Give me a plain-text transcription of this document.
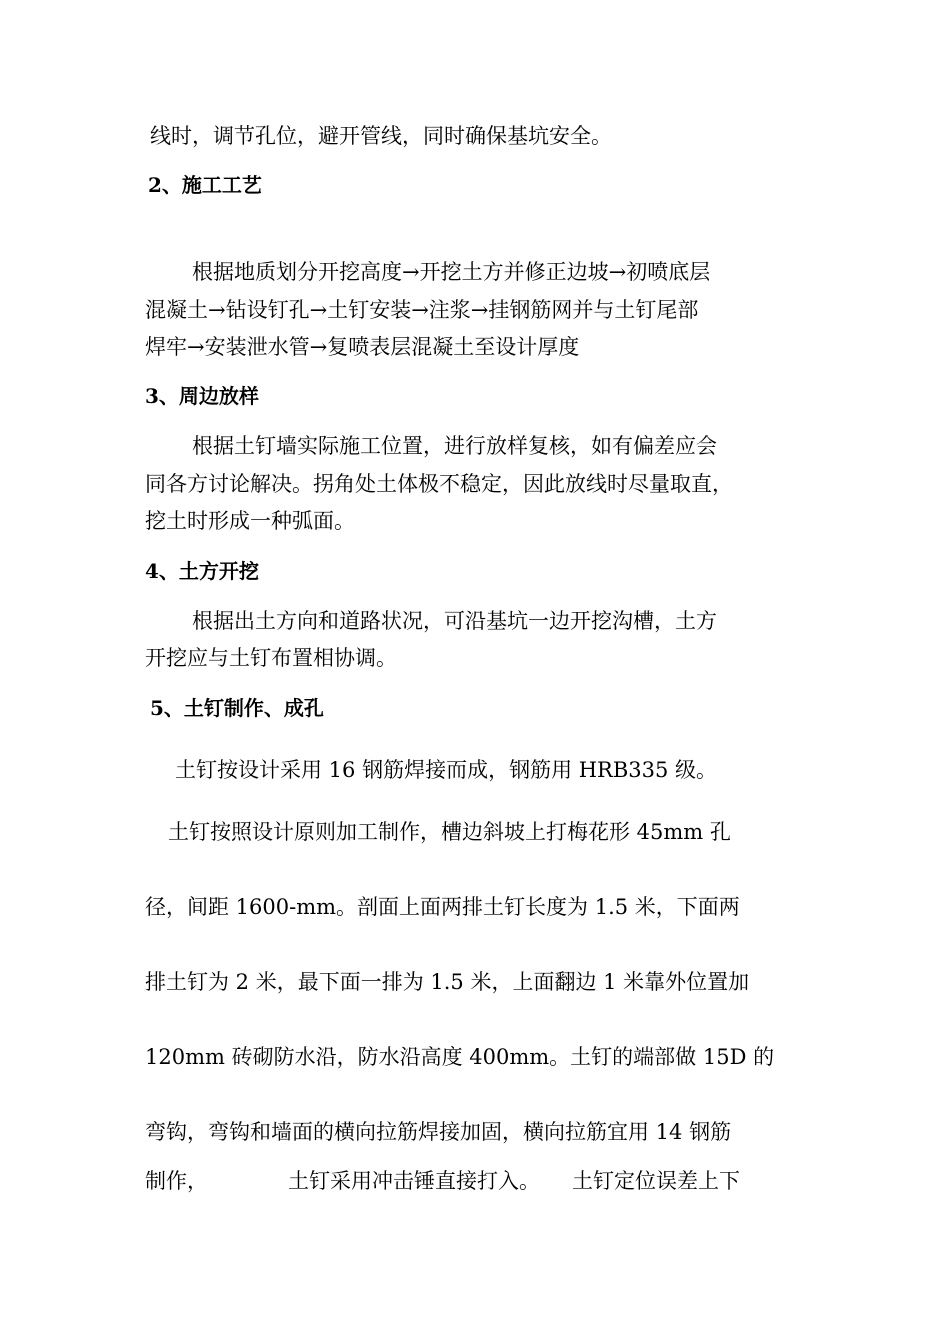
线时，调节孔位，避开管线，同时确保基坑安全。
2、施工工艺
根据地质划分开挖高度→开挖土方并修正边坡→初喷底层
混凝土→钻设钉孔→土钉安装→注浆→挂钢筋网并与土钉尾部
焊牢→安装泄水管→复喷表层混凝土至设计厚度
3、周边放样
根据土钉墙实际施工位置，进行放样复核，如有偏差应会
同各方讨论解决。拐角处土体极不稳定，因此放线时尽量取直，
挖土时形成一种弧面。
4、土方开挖
根据出土方向和道路状况，可沿基坑一边开挖沟槽，土方
开挖应与土钉布置相协调。
5、土钉制作、成孔
土钉按设计采用 16 钢筋焊接而成，钢筋用 HRB335 级。
土钉按照设计原则加工制作，槽边斜坡上打梅花形 45mm 孔
径，间距 1600-mm。剖面上面两排土钉长度为 1.5 米，下面两
排土钉为 2 米，最下面一排为 1.5 米，上面翻边 1 米靠外位置加
120mm 砖砌防水沿，防水沿高度 400mm。土钉的端部做 15D 的
弯钩，弯钩和墙面的横向拉筋焊接加固，横向拉筋宜用 14 钢筋
制作，	土钉采用冲击锤直接打入。 土钉定位误差上下
